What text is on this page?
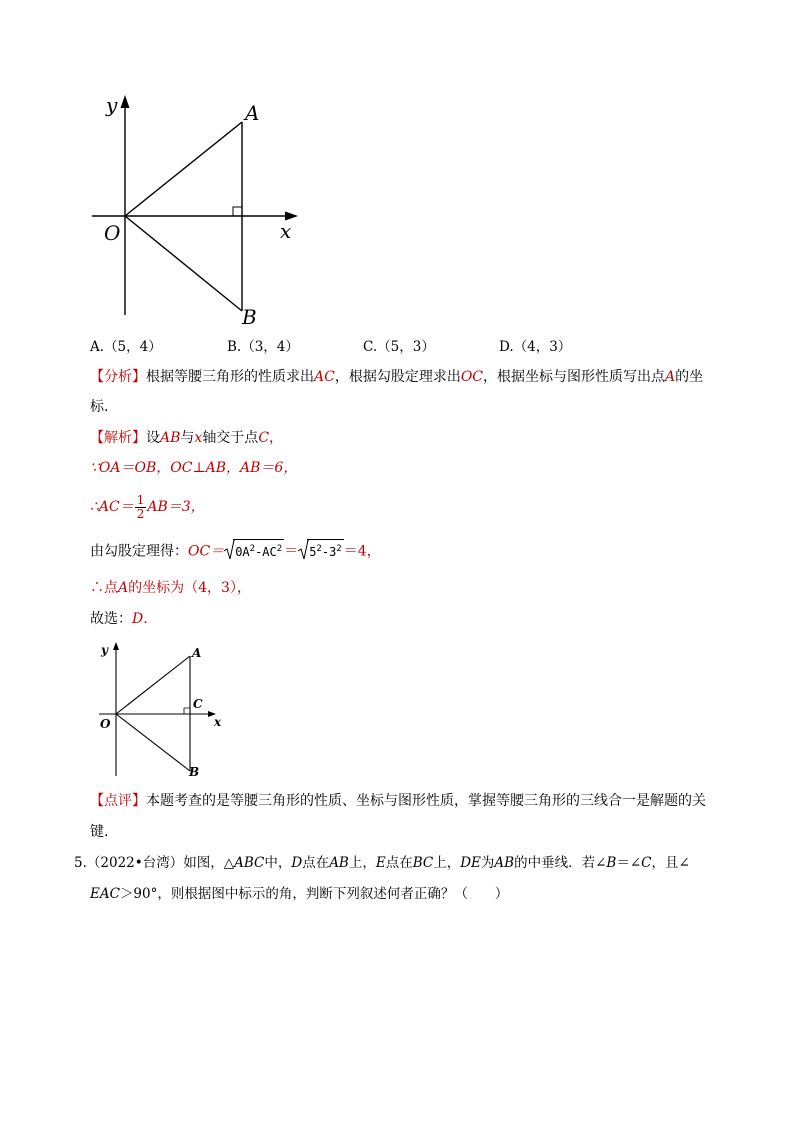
y
x
O
A
B
A.（5，4）	B.（3，4）	C.（5，3）	D.（4，3）
【分析】根据等腰三角形的性质求出AC，根据勾股定理求出OC，根据坐标与图形性质写出点A的坐
标.
【解析】设AB与x轴交于点C，
∵OA＝OB，OC⊥AB，AB＝6，
∴AC＝ $\frac{1}{2} AB=3$，
由勾股定理得：$OC= 0A^2-AC^2 = 5^2-3^2 =4$，
∴点A的坐标为（4，3），
故选：D.
y
x
O
A
B
C
【点评】本题考查的是等腰三角形的性质、坐标与图形性质，掌握等腰三角形的三线合一是解题的关
键.
5.（2022•台湾）如图，△ABC中，D点在AB上，E点在BC上，DE为AB的中垂线．若∠B＝∠C，且∠
EAC＞90°，则根据图中标示的角，判断下列叙述何者正确？（　　）
